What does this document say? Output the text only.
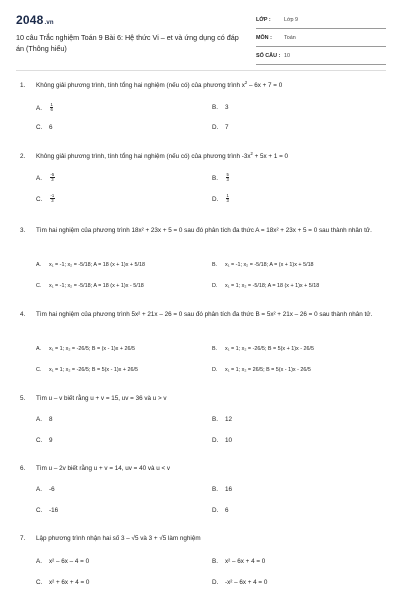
2048.vn
10 câu Trắc nghiệm Toán 9 Bài 6: Hệ thức Vi – et và ứng dụng có đáp án (Thông hiểu)
LỚP : Lớp 9
MÔN : Toán
SỐ CÂU : 10
1.	Không giải phương trình, tính tổng hai nghiệm (nếu có) của phương trình $x^2 - 6x + 7 = 0$
A. $\frac{1}{6}$	B. 3
C. 6	D. 7
2.	Không giải phương trình, tính tổng hai nghiệm (nếu có) của phương trình $-3x^2 + 5x + 1 = 0$
A. $\frac{-5}{3}$	B. $\frac{5}{3}$
C. $\frac{-1}{3}$	D. $\frac{1}{3}$
3.	Tìm hai nghiệm của phương trình 18x² + 23x + 5 = 0 sau đó phân tích đa thức A = 18x² + 23x + 5 = 0 sau thành nhân tử.
A. x₁ = -1; x₂ = -5/18; A = 18 (x + 1)x + 5/18	B. x₁ = -1; x₂ = -5/18; A = (x + 1)x + 5/18
C. x₁ = -1; x₂ = -5/18; A = 18 (x + 1)x - 5/18	D. x₁ = 1; x₂ = -5/18; A = 18 (x + 1)x + 5/18
4.	Tìm hai nghiệm của phương trình 5x² + 21x – 26 = 0 sau đó phân tích đa thức B = 5x² + 21x – 26 = 0 sau thành nhân tử.
A. x₁ = 1; x₂ = -26/5; B = (x - 1)x + 26/5	B. x₁ = 1; x₂ = -26/5; B = 5(x + 1)x - 26/5
C. x₁ = 1; x₂ = -26/5; B = 5(x - 1)x + 26/5	D. x₁ = 1; x₂ = 26/5; B = 5(x - 1)x - 26/5
5.	Tìm u – v biết rằng u + v = 15, uv = 36 và u > v
A. 8	B. 12
C. 9	D. 10
6.	Tìm u – 2v biết rằng u + v = 14, uv = 40 và u < v
A. -6	B. 16
C. -16	D. 6
7.	Lập phương trình nhận hai số 3 – √5 và 3 + √5 làm nghiệm
A. x² – 6x – 4 = 0	B. x² – 6x + 4 = 0
C. x² + 6x + 4 = 0	D. -x² – 6x + 4 = 0
